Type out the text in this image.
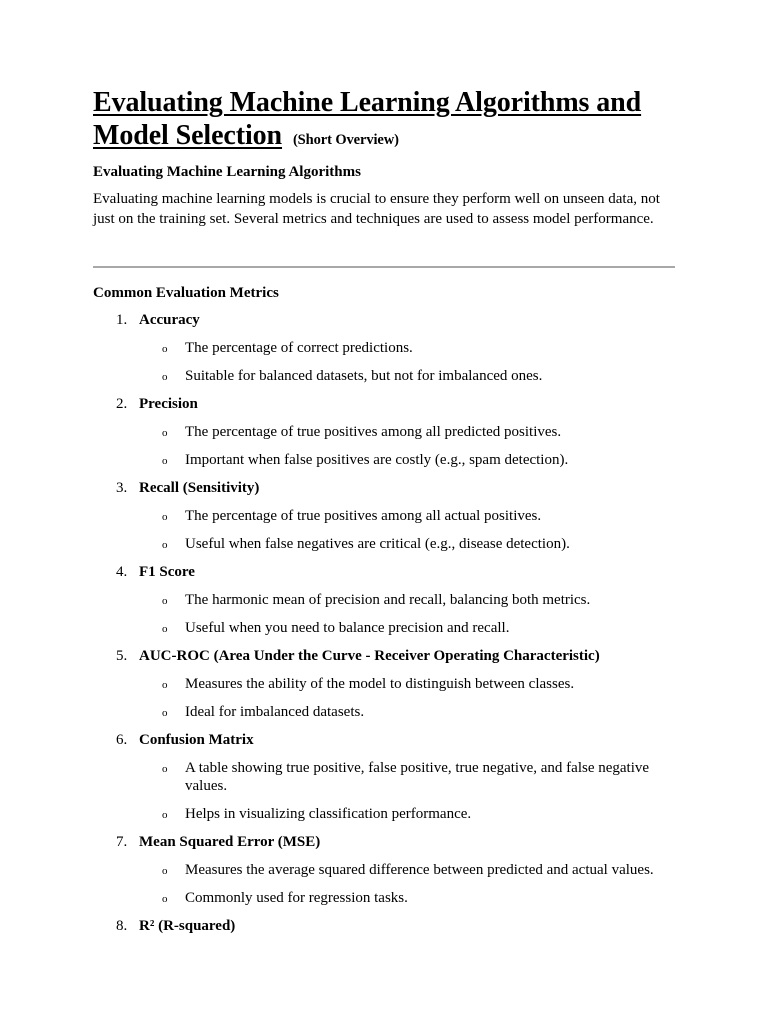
Evaluating Machine Learning Algorithms and Model Selection (Short Overview)
Evaluating Machine Learning Algorithms

Evaluating machine learning models is crucial to ensure they perform well on unseen data, not just on the training set. Several metrics and techniques are used to assess model performance.

Common Evaluation Metrics
1. Accuracy
o The percentage of correct predictions.
o Suitable for balanced datasets, but not for imbalanced ones.
2. Precision
o The percentage of true positives among all predicted positives.
o Important when false positives are costly (e.g., spam detection).
3. Recall (Sensitivity)
o The percentage of true positives among all actual positives.
o Useful when false negatives are critical (e.g., disease detection).
4. F1 Score
o The harmonic mean of precision and recall, balancing both metrics.
o Useful when you need to balance precision and recall.
5. AUC-ROC (Area Under the Curve - Receiver Operating Characteristic)
o Measures the ability of the model to distinguish between classes.
o Ideal for imbalanced datasets.
6. Confusion Matrix
o A table showing true positive, false positive, true negative, and false negative values.
o Helps in visualizing classification performance.
7. Mean Squared Error (MSE)
o Measures the average squared difference between predicted and actual values.
o Commonly used for regression tasks.
8. R² (R-squared)
